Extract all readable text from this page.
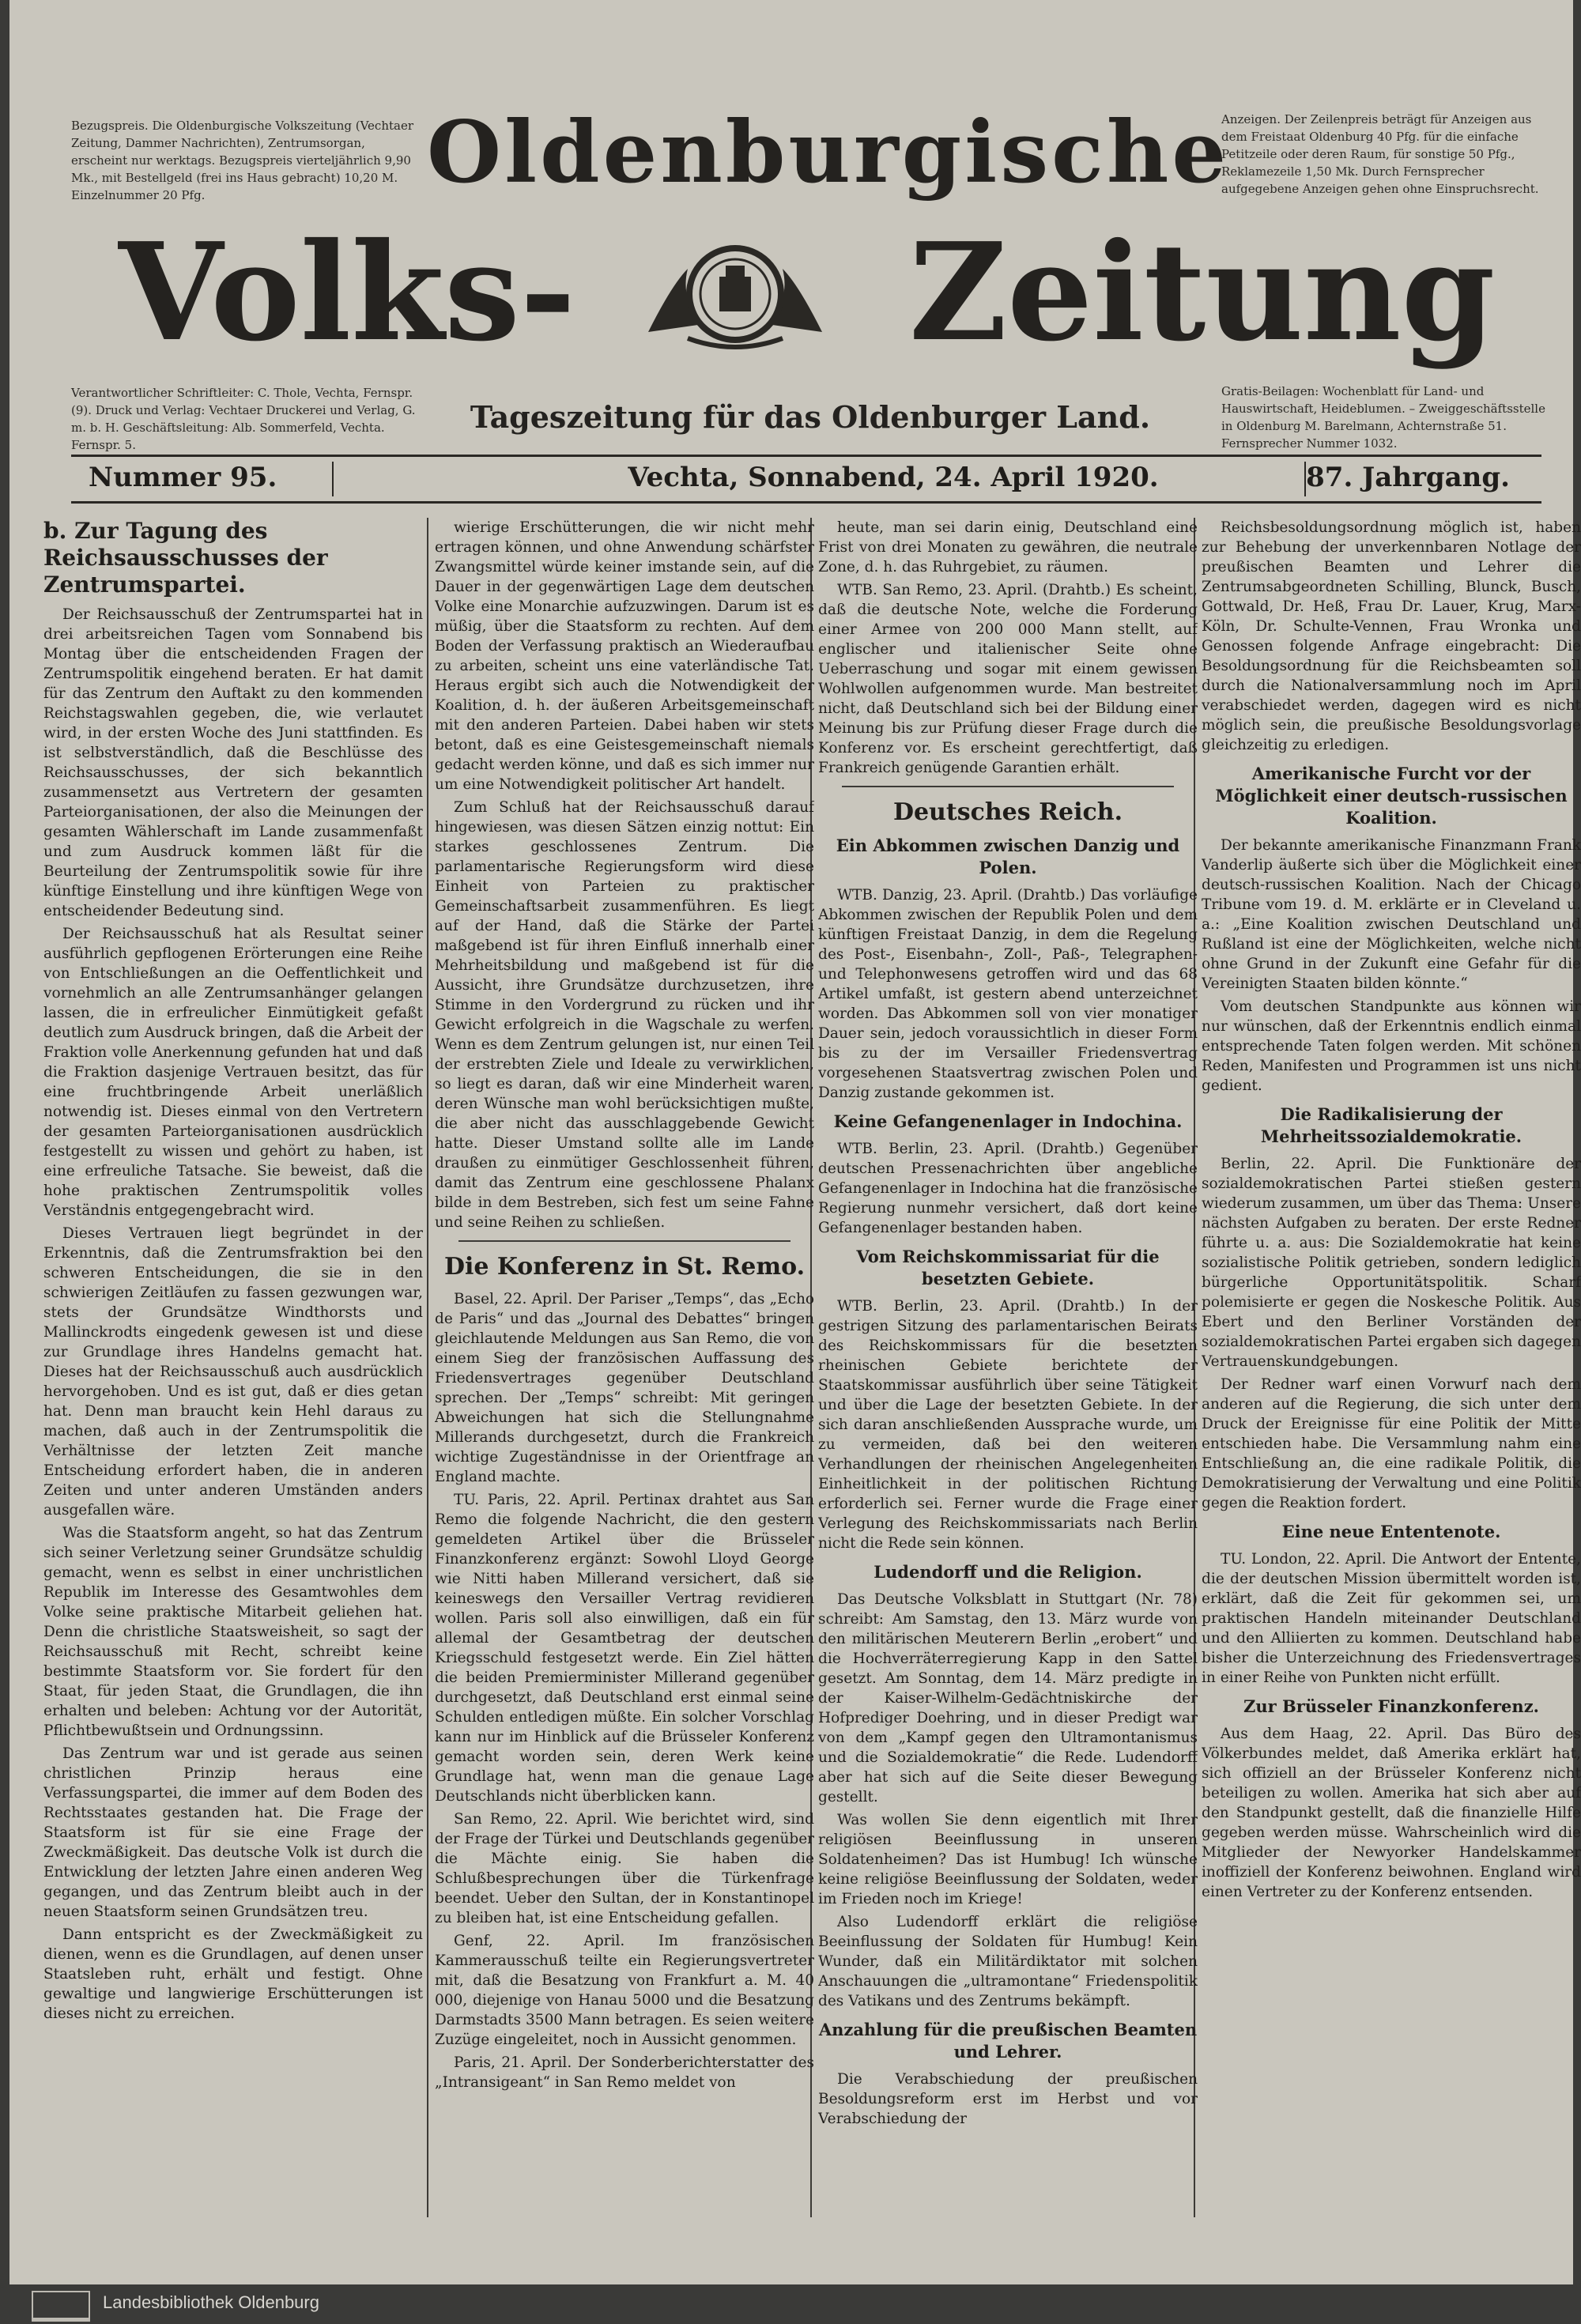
Bezugspreis. Die Oldenburgische Volkszeitung (Vechtaer Zeitung, Dammer Nachrichten), Zentrumsorgan, erscheint nur werktags. Bezugspreis vierteljährlich 9,90 Mk., mit Bestellgeld (frei ins Haus gebracht) 10,20 M. Einzelnummer 20 Pfg.
Verantwortlicher Schriftleiter: C. Thole, Vechta, Fernspr. (9). Druck und Verlag: Vechtaer Druckerei und Verlag, G. m. b. H. Geschäftsleitung: Alb. Sommerfeld, Vechta. Fernspr. 5.
Anzeigen. Der Zeilenpreis beträgt für Anzeigen aus dem Freistaat Oldenburg 40 Pfg. für die einfache Petitzeile oder deren Raum, für sonstige 50 Pfg., Reklamezeile 1,50 Mk. Durch Fernsprecher aufgegebene Anzeigen gehen ohne Einspruchsrecht.
Gratis-Beilagen: Wochenblatt für Land- und Hauswirtschaft, Heideblumen. – Zweiggeschäftsstelle in Oldenburg M. Barelmann, Achternstraße 51. Fernsprecher Nummer 1032.
Oldenburgische
Volks- Zeitung
Tageszeitung für das Oldenburger Land.
Nummer 95.	Vechta, Sonnabend, 24. April 1920.	87. Jahrgang.

b. Zur Tagung des Reichsausschusses der Zentrumspartei.

Der Reichsausschuß der Zentrumspartei hat in drei arbeitsreichen Tagen vom Sonnabend bis Montag über die entscheidenden Fragen der Zentrumspolitik eingehend beraten. Er hat damit für das Zentrum den Auftakt zu den kommenden Reichstagswahlen gegeben, die, wie verlautet wird, in der ersten Woche des Juni stattfinden. Es ist selbstverständlich, daß die Beschlüsse des Reichsausschusses, der sich bekanntlich zusammensetzt aus Vertretern der gesamten Parteiorganisationen, der also die Meinungen der gesamten Wählerschaft im Lande zusammenfaßt und zum Ausdruck kommen läßt für die Beurteilung der Zentrumspolitik sowie für ihre künftige Einstellung und ihre künftigen Wege von entscheidender Bedeutung sind.

Der Reichsausschuß hat als Resultat seiner ausführlich gepflogenen Erörterungen eine Reihe von Entschließungen an die Oeffentlichkeit und vornehmlich an alle Zentrumsanhänger gelangen lassen, die in erfreulicher Einmütigkeit gefaßt deutlich zum Ausdruck bringen, daß die Arbeit der Fraktion volle Anerkennung gefunden hat und daß die Fraktion dasjenige Vertrauen besitzt, das für eine fruchtbringende Arbeit unerläßlich notwendig ist. Dieses einmal von den Vertretern der gesamten Parteiorganisationen ausdrücklich festgestellt zu wissen und gehört zu haben, ist eine erfreuliche Tatsache. Sie beweist, daß die hohe praktischen Zentrumspolitik volles Verständnis entgegengebracht wird.

Dieses Vertrauen liegt begründet in der Erkenntnis, daß die Zentrumsfraktion bei den schweren Entscheidungen, die sie in den schwierigen Zeitläufen zu fassen gezwungen war, stets der Grundsätze Windthorsts und Mallinckrodts eingedenk gewesen ist und diese zur Grundlage ihres Handelns gemacht hat. Dieses hat der Reichsausschuß auch ausdrücklich hervorgehoben. Und es ist gut, daß er dies getan hat. Denn man braucht kein Hehl daraus zu machen, daß auch in der Zentrumspolitik die Verhältnisse der letzten Zeit manche Entscheidung erfordert haben, die in anderen Zeiten und unter anderen Umständen anders ausgefallen wäre.

Was die Staatsform angeht, so hat das Zentrum sich seiner Verletzung seiner Grundsätze schuldig gemacht, wenn es selbst in einer unchristlichen Republik im Interesse des Gesamtwohles dem Volke seine praktische Mitarbeit geliehen hat. Denn die christliche Staatsweisheit, so sagt der Reichsausschuß mit Recht, schreibt keine bestimmte Staatsform vor. Sie fordert für den Staat, für jeden Staat, die Grundlagen, die ihn erhalten und beleben: Achtung vor der Autorität, Pflichtbewußtsein und Ordnungssinn.

Das Zentrum war und ist gerade aus seinen christlichen Prinzip heraus eine Verfassungspartei, die immer auf dem Boden des Rechtsstaates gestanden hat. Die Frage der Staatsform ist für sie eine Frage der Zweckmäßigkeit. Das deutsche Volk ist durch die Entwicklung der letzten Jahre einen anderen Weg gegangen, und das Zentrum bleibt auch in der neuen Staatsform seinen Grundsätzen treu.

Dann entspricht es der Zweckmäßigkeit zu dienen, wenn es die Grundlagen, auf denen unser Staatsleben ruht, erhält und festigt. Ohne gewaltige und langwierige Erschütterungen ist dieses nicht zu erreichen.

wierige Erschütterungen, die wir nicht mehr ertragen können, und ohne Anwendung schärfster Zwangsmittel würde keiner imstande sein, auf die Dauer in der gegenwärtigen Lage dem deutschen Volke eine Monarchie aufzuzwingen. Darum ist es müßig, über die Staatsform zu rechten. Auf dem Boden der Verfassung praktisch an Wiederaufbau zu arbeiten, scheint uns eine vaterländische Tat. Heraus ergibt sich auch die Notwendigkeit der Koalition, d. h. der äußeren Arbeitsgemeinschaft mit den anderen Parteien. Dabei haben wir stets betont, daß es eine Geistesgemeinschaft niemals gedacht werden könne, und daß es sich immer nur um eine Notwendigkeit politischer Art handelt.

Zum Schluß hat der Reichsausschuß darauf hingewiesen, was diesen Sätzen einzig nottut: Ein starkes geschlossenes Zentrum. Die parlamentarische Regierungsform wird diese Einheit von Parteien zu praktischer Gemeinschaftsarbeit zusammenführen. Es liegt auf der Hand, daß die Stärke der Partei maßgebend ist für ihren Einfluß innerhalb einer Mehrheitsbildung und maßgebend ist für die Aussicht, ihre Grundsätze durchzusetzen, ihre Stimme in den Vordergrund zu rücken und ihr Gewicht erfolgreich in die Wagschale zu werfen. Wenn es dem Zentrum gelungen ist, nur einen Teil der erstrebten Ziele und Ideale zu verwirklichen, so liegt es daran, daß wir eine Minderheit waren, deren Wünsche man wohl berücksichtigen mußte, die aber nicht das ausschlaggebende Gewicht hatte. Dieser Umstand sollte alle im Lande draußen zu einmütiger Geschlossenheit führen, damit das Zentrum eine geschlossene Phalanx bilde in dem Bestreben, sich fest um seine Fahne und seine Reihen zu schließen.

Die Konferenz in St. Remo.

Basel, 22. April. Der Pariser „Temps“, das „Echo de Paris“ und das „Journal des Debattes“ bringen gleichlautende Meldungen aus San Remo, die von einem Sieg der französischen Auffassung des Friedensvertrages gegenüber Deutschland sprechen. Der „Temps“ schreibt: Mit geringen Abweichungen hat sich die Stellungnahme Millerands durchgesetzt, durch die Frankreich wichtige Zugeständnisse in der Orientfrage an England machte.

TU. Paris, 22. April. Pertinax drahtet aus San Remo die folgende Nachricht, die den gestern gemeldeten Artikel über die Brüsseler Finanzkonferenz ergänzt: Sowohl Lloyd George wie Nitti haben Millerand versichert, daß sie keineswegs den Versailler Vertrag revidieren wollen. Paris soll also einwilligen, daß ein für allemal der Gesamtbetrag der deutschen Kriegsschuld festgesetzt werde. Ein Ziel hätten die beiden Premierminister Millerand gegenüber durchgesetzt, daß Deutschland erst einmal seine Schulden entledigen müßte. Ein solcher Vorschlag kann nur im Hinblick auf die Brüsseler Konferenz gemacht worden sein, deren Werk keine Grundlage hat, wenn man die genaue Lage Deutschlands nicht überblicken kann.

San Remo, 22. April. Wie berichtet wird, sind der Frage der Türkei und Deutschlands gegenüber die Mächte einig. Sie haben die Schlußbesprechungen über die Türkenfrage beendet. Ueber den Sultan, der in Konstantinopel zu bleiben hat, ist eine Entscheidung gefallen.

Genf, 22. April. Im französischen Kammerausschuß teilte ein Regierungsvertreter mit, daß die Besatzung von Frankfurt a. M. 40 000, diejenige von Hanau 5000 und die Besatzung Darmstadts 3500 Mann betragen. Es seien weitere Zuzüge eingeleitet, noch in Aussicht genommen.

Paris, 21. April. Der Sonderberichterstatter des „Intransigeant“ in San Remo meldet von

heute, man sei darin einig, Deutschland eine Frist von drei Monaten zu gewähren, die neutrale Zone, d. h. das Ruhrgebiet, zu räumen.

WTB. San Remo, 23. April. (Drahtb.) Es scheint, daß die deutsche Note, welche die Forderung einer Armee von 200 000 Mann stellt, auf englischer und italienischer Seite ohne Ueberraschung und sogar mit einem gewissen Wohlwollen aufgenommen wurde. Man bestreitet nicht, daß Deutschland sich bei der Bildung einer Meinung bis zur Prüfung dieser Frage durch die Konferenz vor. Es erscheint gerechtfertigt, daß Frankreich genügende Garantien erhält.

Deutsches Reich.
Ein Abkommen zwischen Danzig und Polen.

WTB. Danzig, 23. April. (Drahtb.) Das vorläufige Abkommen zwischen der Republik Polen und dem künftigen Freistaat Danzig, in dem die Regelung des Post-, Eisenbahn-, Zoll-, Paß-, Telegraphen- und Telephonwesens getroffen wird und das 68 Artikel umfaßt, ist gestern abend unterzeichnet worden. Das Abkommen soll von vier monatiger Dauer sein, jedoch voraussichtlich in dieser Form bis zu der im Versailler Friedensvertrag vorgesehenen Staatsvertrag zwischen Polen und Danzig zustande gekommen ist.

Keine Gefangenenlager in Indochina.

WTB. Berlin, 23. April. (Drahtb.) Gegenüber deutschen Pressenachrichten über angebliche Gefangenenlager in Indochina hat die französische Regierung nunmehr versichert, daß dort keine Gefangenenlager bestanden haben.

Vom Reichskommissariat für die besetzten Gebiete.

WTB. Berlin, 23. April. (Drahtb.) In der gestrigen Sitzung des parlamentarischen Beirats des Reichskommissars für die besetzten rheinischen Gebiete berichtete der Staatskommissar ausführlich über seine Tätigkeit und über die Lage der besetzten Gebiete. In der sich daran anschließenden Aussprache wurde, um zu vermeiden, daß bei den weiteren Verhandlungen der rheinischen Angelegenheiten Einheitlichkeit in der politischen Richtung erforderlich sei. Ferner wurde die Frage einer Verlegung des Reichskommissariats nach Berlin nicht die Rede sein können.

Ludendorff und die Religion.

Das Deutsche Volksblatt in Stuttgart (Nr. 78) schreibt: Am Samstag, den 13. März wurde von den militärischen Meuterern Berlin „erobert“ und die Hochverräterregierung Kapp in den Sattel gesetzt. Am Sonntag, dem 14. März predigte in der Kaiser-Wilhelm-Gedächtniskirche der Hofprediger Doehring, und in dieser Predigt war von dem „Kampf gegen den Ultramontanismus und die Sozialdemokratie“ die Rede. Ludendorff aber hat sich auf die Seite dieser Bewegung gestellt.

Was wollen Sie denn eigentlich mit Ihrer religiösen Beeinflussung in unseren Soldatenheimen? Das ist Humbug! Ich wünsche keine religiöse Beeinflussung der Soldaten, weder im Frieden noch im Kriege!

Also Ludendorff erklärt die religiöse Beeinflussung der Soldaten für Humbug! Kein Wunder, daß ein Militärdiktator mit solchen Anschauungen die „ultramontane“ Friedenspolitik des Vatikans und des Zentrums bekämpft.

Anzahlung für die preußischen Beamten und Lehrer.

Die Verabschiedung der preußischen Besoldungsreform erst im Herbst und vor Verabschiedung der

Reichsbesoldungsordnung möglich ist, haben zur Behebung der unverkennbaren Notlage der preußischen Beamten und Lehrer die Zentrumsabgeordneten Schilling, Blunck, Busch, Gottwald, Dr. Heß, Frau Dr. Lauer, Krug, Marx-Köln, Dr. Schulte-Vennen, Frau Wronka und Genossen folgende Anfrage eingebracht: Die Besoldungsordnung für die Reichsbeamten soll durch die Nationalversammlung noch im April verabschiedet werden, dagegen wird es nicht möglich sein, die preußische Besoldungsvorlage gleichzeitig zu erledigen.

Amerikanische Furcht vor der Möglichkeit einer deutsch-russischen Koalition.

Der bekannte amerikanische Finanzmann Frank Vanderlip äußerte sich über die Möglichkeit einer deutsch-russischen Koalition. Nach der Chicago Tribune vom 19. d. M. erklärte er in Cleveland u. a.: „Eine Koalition zwischen Deutschland und Rußland ist eine der Möglichkeiten, welche nicht ohne Grund in der Zukunft eine Gefahr für die Vereinigten Staaten bilden könnte.“

Vom deutschen Standpunkte aus können wir nur wünschen, daß der Erkenntnis endlich einmal entsprechende Taten folgen werden. Mit schönen Reden, Manifesten und Programmen ist uns nicht gedient.

Die Radikalisierung der Mehrheitssozialdemokratie.

Berlin, 22. April. Die Funktionäre der sozialdemokratischen Partei stießen gestern wiederum zusammen, um über das Thema: Unsere nächsten Aufgaben zu beraten. Der erste Redner führte u. a. aus: Die Sozialdemokratie hat keine sozialistische Politik getrieben, sondern lediglich bürgerliche Opportunitätspolitik. Scharf polemisierte er gegen die Noskesche Politik. Aus Ebert und den Berliner Vorständen der sozialdemokratischen Partei ergaben sich dagegen Vertrauenskundgebungen.

Der Redner warf einen Vorwurf nach dem anderen auf die Regierung, die sich unter dem Druck der Ereignisse für eine Politik der Mitte entschieden habe. Die Versammlung nahm eine Entschließung an, die eine radikale Politik, die Demokratisierung der Verwaltung und eine Politik gegen die Reaktion fordert.

Eine neue Ententenote.

TU. London, 22. April. Die Antwort der Entente, die der deutschen Mission übermittelt worden ist, erklärt, daß die Zeit für gekommen sei, um praktischen Handeln miteinander Deutschland und den Alliierten zu kommen. Deutschland habe bisher die Unterzeichnung des Friedensvertrages in einer Reihe von Punkten nicht erfüllt.

Zur Brüsseler Finanzkonferenz.

Aus dem Haag, 22. April. Das Büro des Völkerbundes meldet, daß Amerika erklärt hat, sich offiziell an der Brüsseler Konferenz nicht beteiligen zu wollen. Amerika hat sich aber auf den Standpunkt gestellt, daß die finanzielle Hilfe gegeben werden müsse. Wahrscheinlich wird die Mitglieder der Newyorker Handelskammer inoffiziell der Konferenz beiwohnen. England wird einen Vertreter zu der Konferenz entsenden.

Landesbibliothek Oldenburg
